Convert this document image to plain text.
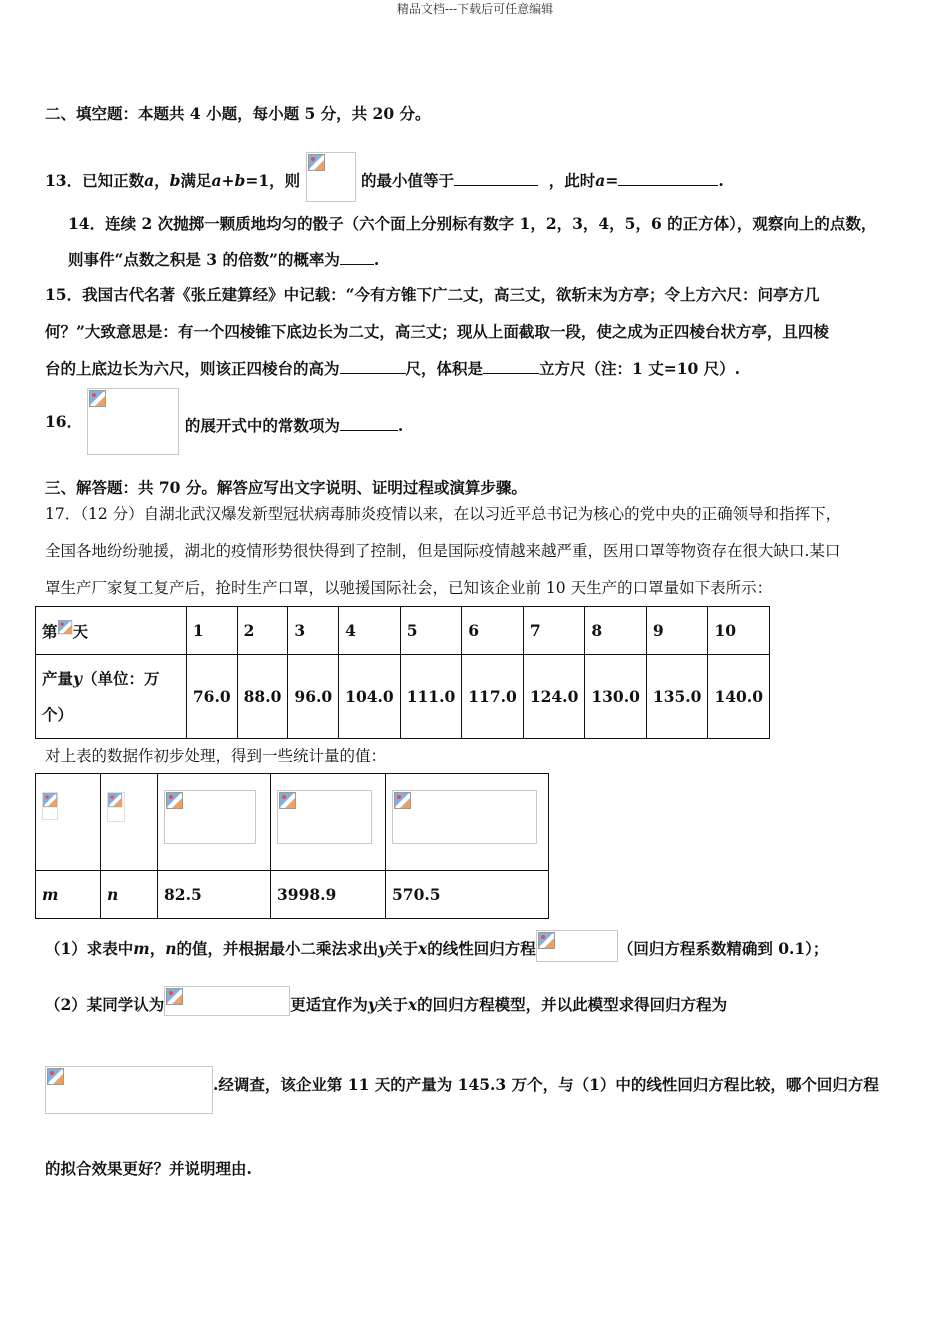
精品文档---下载后可任意编辑
二、填空题：本题共 4 小题，每小题 5 分，共 20 分。
13．已知正数a，b满足a+b=1，则	的最小值等于	，此时a=	.
14．连续 2 次抛掷一颗质地均匀的骰子（六个面上分别标有数字 1，2，3，4，5，6 的正方体），观察向上的点数，
则事件“点数之积是 3 的倍数”的概率为 .
15．我国古代名著《张丘建算经》中记载：“今有方锥下广二丈，高三丈，欲斩末为方亭；令上方六尺：问亭方几
何？”大致意思是：有一个四棱锥下底边长为二丈，高三丈；现从上面截取一段，使之成为正四棱台状方亭，且四棱
台的上底边长为六尺，则该正四棱台的高为	尺，体积是	立方尺（注：1 丈=10 尺）.
16．	的展开式中的常数项为	.
三、解答题：共 70 分。解答应写出文字说明、证明过程或演算步骤。
17．（12 分）自湖北武汉爆发新型冠状病毒肺炎疫情以来，在以习近平总书记为核心的党中央的正确领导和指挥下，
全国各地纷纷驰援，湖北的疫情形势很快得到了控制，但是国际疫情越来越严重，医用口罩等物资存在很大缺口.某口
罩生产厂家复工复产后，抢时生产口罩，以驰援国际社会，已知该企业前 10 天生产的口罩量如下表所示：
第 天	1	2	3	4	5	6	7	8	9	10
产量y（单位：万
个）	76.0	88.0	96.0	104.0	111.0	117.0	124.0	130.0	135.0	140.0
对上表的数据作初步处理，得到一些统计量的值：

m	n	82.5	3998.9	570.5
（1）求表中m，n的值，并根据最小二乘法求出y关于x的线性回归方程	（回归方程系数精确到 0.1）；
（2）某同学认为	更适宜作为y关于x的回归方程模型，并以此模型求得回归方程为
.经调查，该企业第 11 天的产量为 145.3 万个，与（1）中的线性回归方程比较，哪个回归方程
的拟合效果更好？并说明理由.
